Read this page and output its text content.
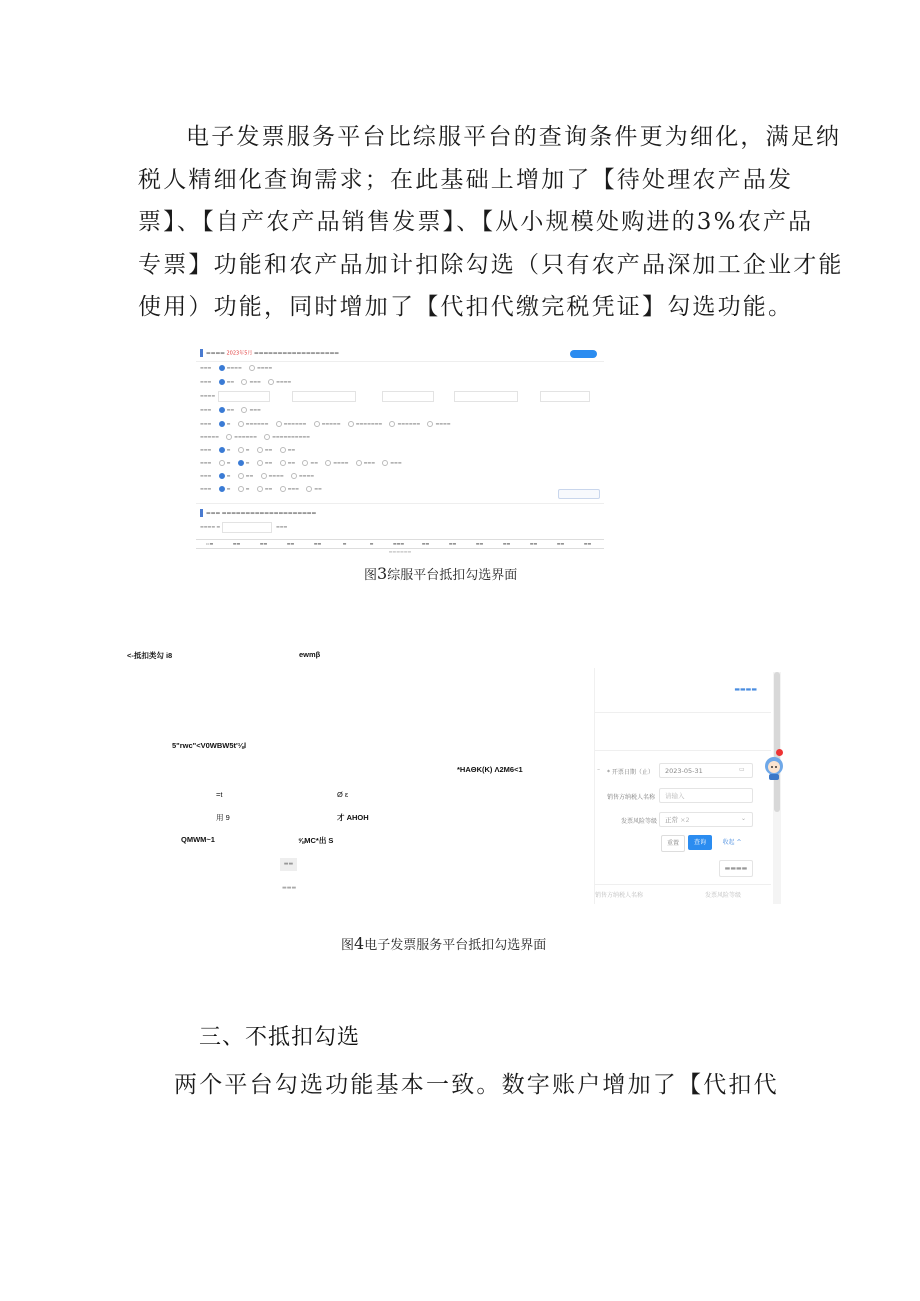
电子发票服务平台比综服平台的查询条件更为细化，满足纳
税人精细化查询需求；在此基础上增加了【待处理农产品发
票】、【自产农产品销售发票】、【从小规模处购进的3%农产品
专票】功能和农产品加计扣除勾选（只有农产品深加工企业才能
使用）功能，同时增加了【代扣代缴完税凭证】勾选功能。
▬▬▬▬ 2023年5月 ▬▬▬▬▬▬▬▬▬▬▬▬▬▬▬▬▬▬
▬▬▬	▬▬▬▬	▬▬▬▬
▬▬▬	▬▬	▬▬▬	▬▬▬▬
▬▬▬▬
▬▬▬	▬▬	▬▬▬
▬▬▬	▬	▬▬▬▬▬▬	▬▬▬▬▬▬	▬▬▬▬▬	▬▬▬▬▬▬▬	▬▬▬▬▬▬	▬▬▬▬
▬▬▬▬▬	▬▬▬▬▬▬	▬▬▬▬▬▬▬▬▬▬
▬▬▬	▬	▬	▬▬	▬▬
▬▬▬	▬	▬	▬▬	▬▬	▬▬	▬▬▬▬	▬▬▬	▬▬▬
▬▬▬	▬	▬▬	▬▬▬▬	▬▬▬▬
▬▬▬	▬	▬	▬▬	▬▬▬	▬▬
▬▬▬ ▬▬▬▬▬▬▬▬▬▬▬▬▬▬▬▬▬▬▬▬
▬▬▬▬ ▬	▬▬▬
▭▬	▬▬	▬▬	▬▬	▬▬	▬	▬	▬▬▬	▬▬	▬▬	▬▬	▬▬	▬▬	▬▬	▬▬
▬▬▬▬▬▬
图3综服平台抵扣勾选界面
<-抵扣类勾 i8	ewmβ
5"rwc"<V0WBW5t'⅛l
*HAΘK(K) Λ2M6<1
=t	Ø ε
用 9	才 AHOH
QMWM~1	⅝MC*出 S
▬▬
▬▬▬
▬▬▬▬
⁻ * 开票日期（止）	2023-05-31	▭
销售方纳税人名称	请输入
发票风险等级	正常 ×2	⌄
重置	查询	收起 ^
▬▬▬▬
销售方纳税人名称	发票风险等级
图4电子发票服务平台抵扣勾选界面
三、不抵扣勾选
两个平台勾选功能基本一致。数字账户增加了【代扣代
